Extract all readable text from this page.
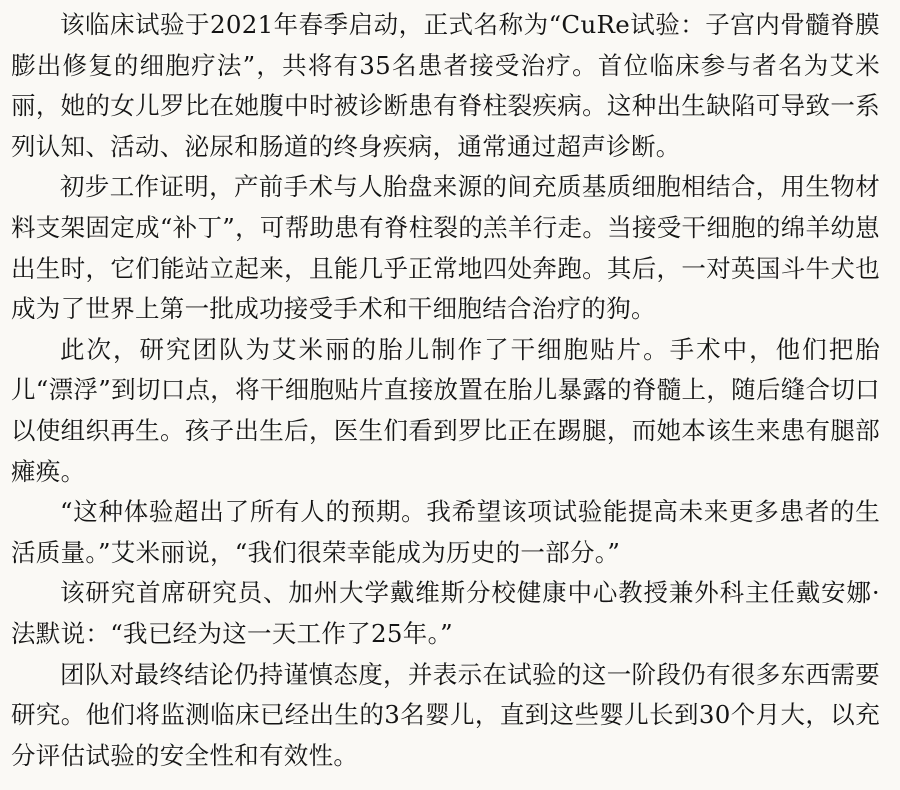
该临床试验于2021年春季启动，正式名称为“CuRe试验：子宫内骨髓脊膜膨出修复的细胞疗法”，共将有35名患者接受治疗。首位临床参与者名为艾米丽，她的女儿罗比在她腹中时被诊断患有脊柱裂疾病。这种出生缺陷可导致一系列认知、活动、泌尿和肠道的终身疾病，通常通过超声诊断。

初步工作证明，产前手术与人胎盘来源的间充质基质细胞相结合，用生物材料支架固定成“补丁”，可帮助患有脊柱裂的羔羊行走。当接受干细胞的绵羊幼崽出生时，它们能站立起来，且能几乎正常地四处奔跑。其后，一对英国斗牛犬也成为了世界上第一批成功接受手术和干细胞结合治疗的狗。

此次，研究团队为艾米丽的胎儿制作了干细胞贴片。手术中，他们把胎儿“漂浮”到切口点，将干细胞贴片直接放置在胎儿暴露的脊髓上，随后缝合切口以使组织再生。孩子出生后，医生们看到罗比正在踢腿，而她本该生来患有腿部瘫痪。

“这种体验超出了所有人的预期。我希望该项试验能提高未来更多患者的生活质量。”艾米丽说，“我们很荣幸能成为历史的一部分。”

该研究首席研究员、加州大学戴维斯分校健康中心教授兼外科主任戴安娜·法默说：“我已经为这一天工作了25年。”

团队对最终结论仍持谨慎态度，并表示在试验的这一阶段仍有很多东西需要研究。他们将监测临床已经出生的3名婴儿，直到这些婴儿长到30个月大，以充分评估试验的安全性和有效性。
